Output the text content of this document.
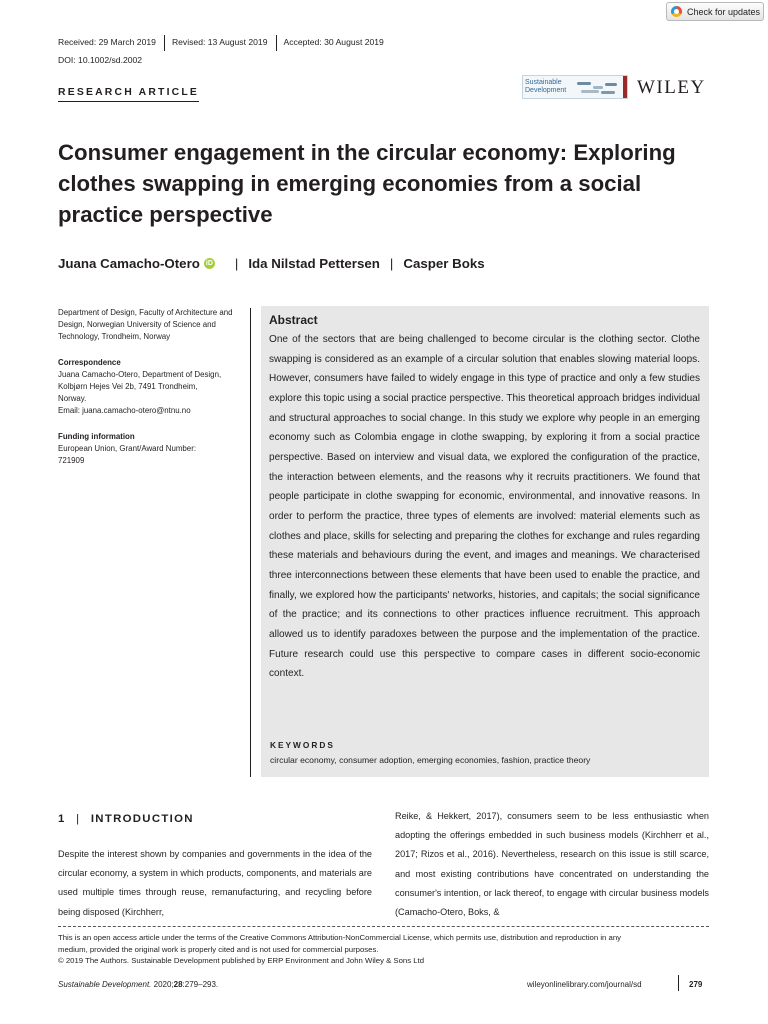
Check for updates
Received: 29 March 2019 Revised: 13 August 2019 Accepted: 30 August 2019
DOI: 10.1002/sd.2002
RESEARCH ARTICLE
Sustainable
Development	WILEY
Consumer engagement in the circular economy: Exploring clothes swapping in emerging economies from a social practice perspective
Juana Camacho-Otero iD | Ida Nilstad Pettersen | Casper Boks
Department of Design, Faculty of Architecture and Design, Norwegian University of Science and Technology, Trondheim, Norway
Correspondence
Juana Camacho-Otero, Department of Design,
Kolbjørn Hejes Vei 2b, 7491 Trondheim,
Norway.
Email: juana.camacho-otero@ntnu.no
Funding information
European Union, Grant/Award Number:
721909
Abstract

One of the sectors that are being challenged to become circular is the clothing sector. Clothe swapping is considered as an example of a circular solution that enables slowing material loops. However, consumers have failed to widely engage in this type of practice and only a few studies explore this topic using a social practice perspective. This theoretical approach bridges individual and structural approaches to social change. In this study we explore why people in an emerging economy such as Colombia engage in clothe swapping, by exploring it from a social practice perspective. Based on interview and visual data, we explored the configuration of the practice, the interaction between elements, and the reasons why it recruits practitioners. We found that people participate in clothe swapping for economic, environmental, and innovative reasons. In order to perform the practice, three types of elements are involved: material elements such as clothes and place, skills for selecting and preparing the clothes for exchange and rules regarding these materials and behaviours during the event, and images and meanings. We characterised three interconnections between these elements that have been used to enable the practice, and finally, we explored how the participants' networks, histories, and capitals; the social significance of the practice; and its connections to other practices influence recruitment. This approach allowed us to identify paradoxes between the purpose and the implementation of the practice. Future research could use this perspective to compare cases in different socio-economic context.

KEYWORDS
circular economy, consumer adoption, emerging economies, fashion, practice theory
1 | INTRODUCTION

Despite the interest shown by companies and governments in the idea of the circular economy, a system in which products, components, and materials are used multiple times through reuse, remanufacturing, and recycling before being disposed (Kirchherr,

Reike, & Hekkert, 2017), consumers seem to be less enthusiastic when adopting the offerings embedded in such business models (Kirchherr et al., 2017; Rizos et al., 2016). Nevertheless, research on this issue is still scarce, and most existing contributions have concentrated on understanding the consumer's intention, or lack thereof, to engage with circular business models (Camacho-Otero, Boks, &

This is an open access article under the terms of the Creative Commons Attribution-NonCommercial License, which permits use, distribution and reproduction in any
medium, provided the original work is properly cited and is not used for commercial purposes.
© 2019 The Authors. Sustainable Development published by ERP Environment and John Wiley & Sons Ltd
Sustainable Development. 2020;28:279–293.	wileyonlinelibrary.com/journal/sd	279
